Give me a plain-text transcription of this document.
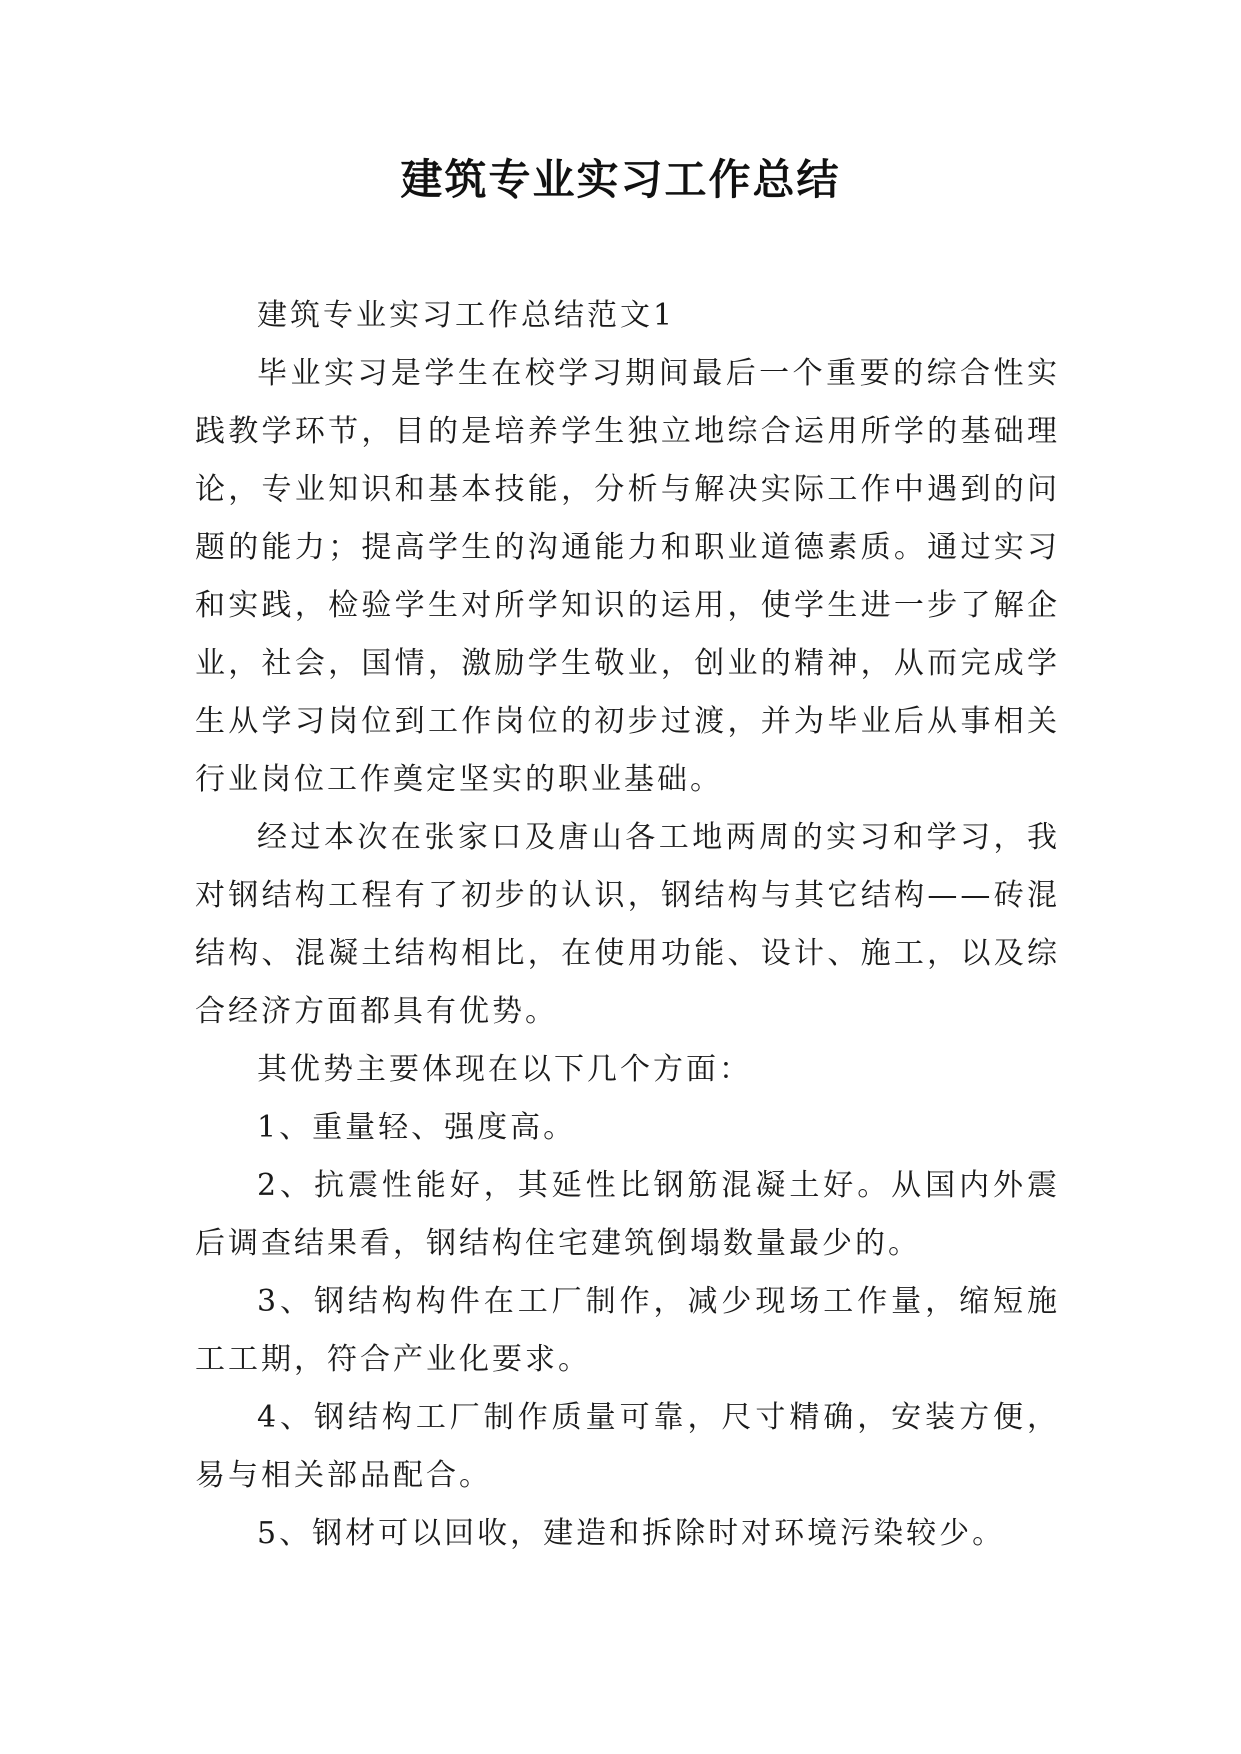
建筑专业实习工作总结

建筑专业实习工作总结范文1

毕业实习是学生在校学习期间最后一个重要的综合性实践教学环节，目的是培养学生独立地综合运用所学的基础理论，专业知识和基本技能，分析与解决实际工作中遇到的问题的能力；提高学生的沟通能力和职业道德素质。通过实习和实践，检验学生对所学知识的运用，使学生进一步了解企业，社会，国情，激励学生敬业，创业的精神，从而完成学生从学习岗位到工作岗位的初步过渡，并为毕业后从事相关行业岗位工作奠定坚实的职业基础。

经过本次在张家口及唐山各工地两周的实习和学习，我对钢结构工程有了初步的认识，钢结构与其它结构——砖混结构、混凝土结构相比，在使用功能、设计、施工，以及综合经济方面都具有优势。

其优势主要体现在以下几个方面：

1、重量轻、强度高。

2、抗震性能好，其延性比钢筋混凝土好。从国内外震后调查结果看，钢结构住宅建筑倒塌数量最少的。

3、钢结构构件在工厂制作，减少现场工作量，缩短施工工期，符合产业化要求。

4、钢结构工厂制作质量可靠，尺寸精确，安装方便，易与相关部品配合。

5、钢材可以回收，建造和拆除时对环境污染较少。
